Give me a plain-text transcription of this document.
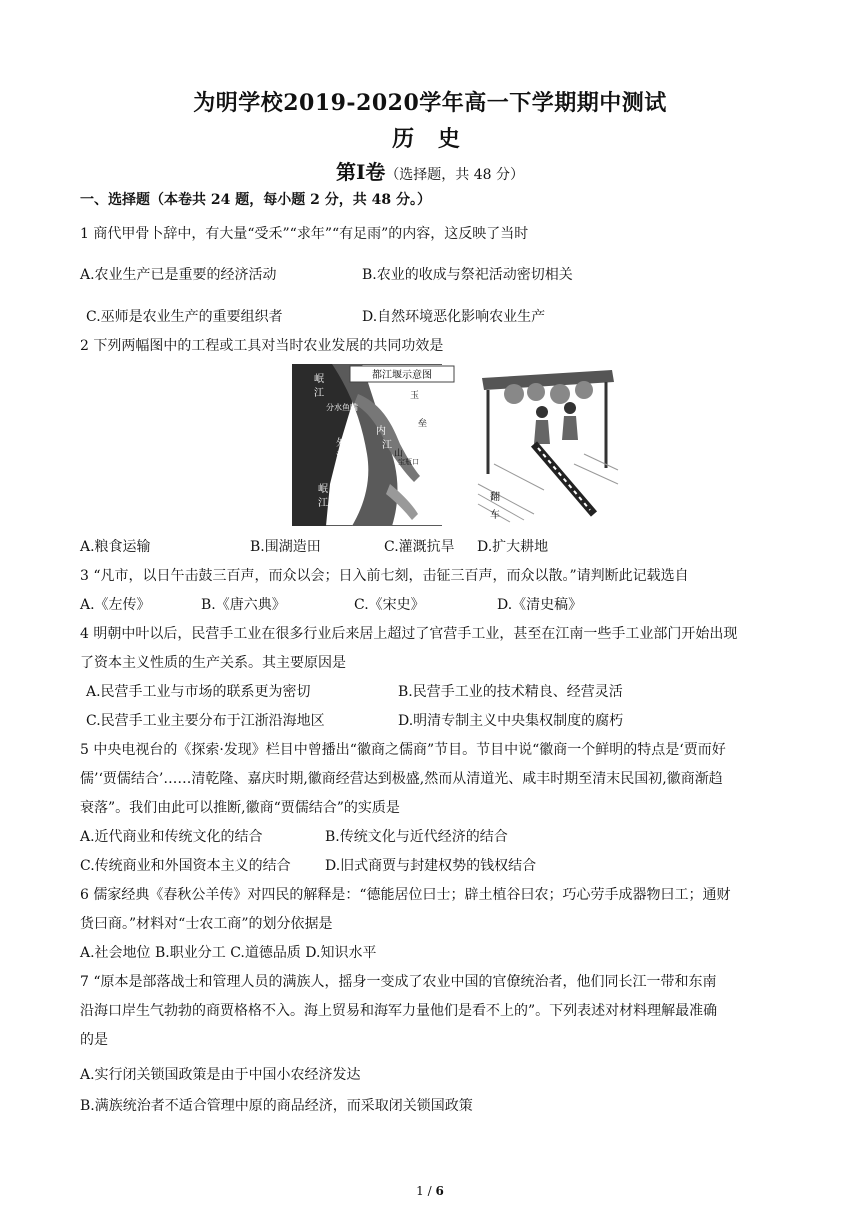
为明学校2019-2020学年高一下学期期中测试
历 史
第Ⅰ卷（选择题，共 48 分）
一、选择题（本卷共 24 题，每小题 2 分，共 48 分。）
1 商代甲骨卜辞中，有大量“受禾”“求年”“有足雨”的内容，这反映了当时
A.农业生产已是重要的经济活动	B.农业的收成与祭祀活动密切相关
C.巫师是农业生产的重要组织者	D.自然环境恶化影响农业生产
2 下列两幅图中的工程或工具对当时农业发展的共同功效是
都江堰示意图
岷
江
分水鱼嘴
外
江
内
江
宝瓶口
岷
江
玉
垒
山
翻
车
A.粮食运输	B.围湖造田	C.灌溉抗旱 D.扩大耕地
3 “凡市，以日午击鼓三百声，而众以会；日入前七刻，击钲三百声，而众以散。”请判断此记载选自
A.《左传》	B.《唐六典》	C.《宋史》	D.《清史稿》
4 明朝中叶以后，民营手工业在很多行业后来居上超过了官营手工业，甚至在江南一些手工业部门开始出现
了资本主义性质的生产关系。其主要原因是
A.民营手工业与市场的联系更为密切	B.民营手工业的技术精良、经营灵活
C.民营手工业主要分布于江浙沿海地区	D.明清专制主义中央集权制度的腐朽
5 中央电视台的《探索·发现》栏目中曾播出“徽商之儒商”节目。节目中说“徽商一个鲜明的特点是‘贾而好
儒’‘贾儒结合’……清乾隆、嘉庆时期,徽商经营达到极盛,然而从清道光、咸丰时期至清末民国初,徽商渐趋
衰落”。我们由此可以推断,徽商“贾儒结合”的实质是
A.近代商业和传统文化的结合	B.传统文化与近代经济的结合
C.传统商业和外国资本主义的结合 D.旧式商贾与封建权势的钱权结合
6 儒家经典《春秋公羊传》对四民的解释是：“德能居位曰士；辟土植谷曰农；巧心劳手成器物曰工；通财
货曰商。”材料对“士农工商”的划分依据是
A.社会地位 B.职业分工 C.道德品质 D.知识水平
7 “原本是部落战士和管理人员的满族人，摇身一变成了农业中国的官僚统治者，他们同长江一带和东南
沿海口岸生气勃勃的商贾格格不入。海上贸易和海军力量他们是看不上的”。下列表述对材料理解最准确
的是
A.实行闭关锁国政策是由于中国小农经济发达
B.满族统治者不适合管理中原的商品经济，而采取闭关锁国政策
1 / 6
